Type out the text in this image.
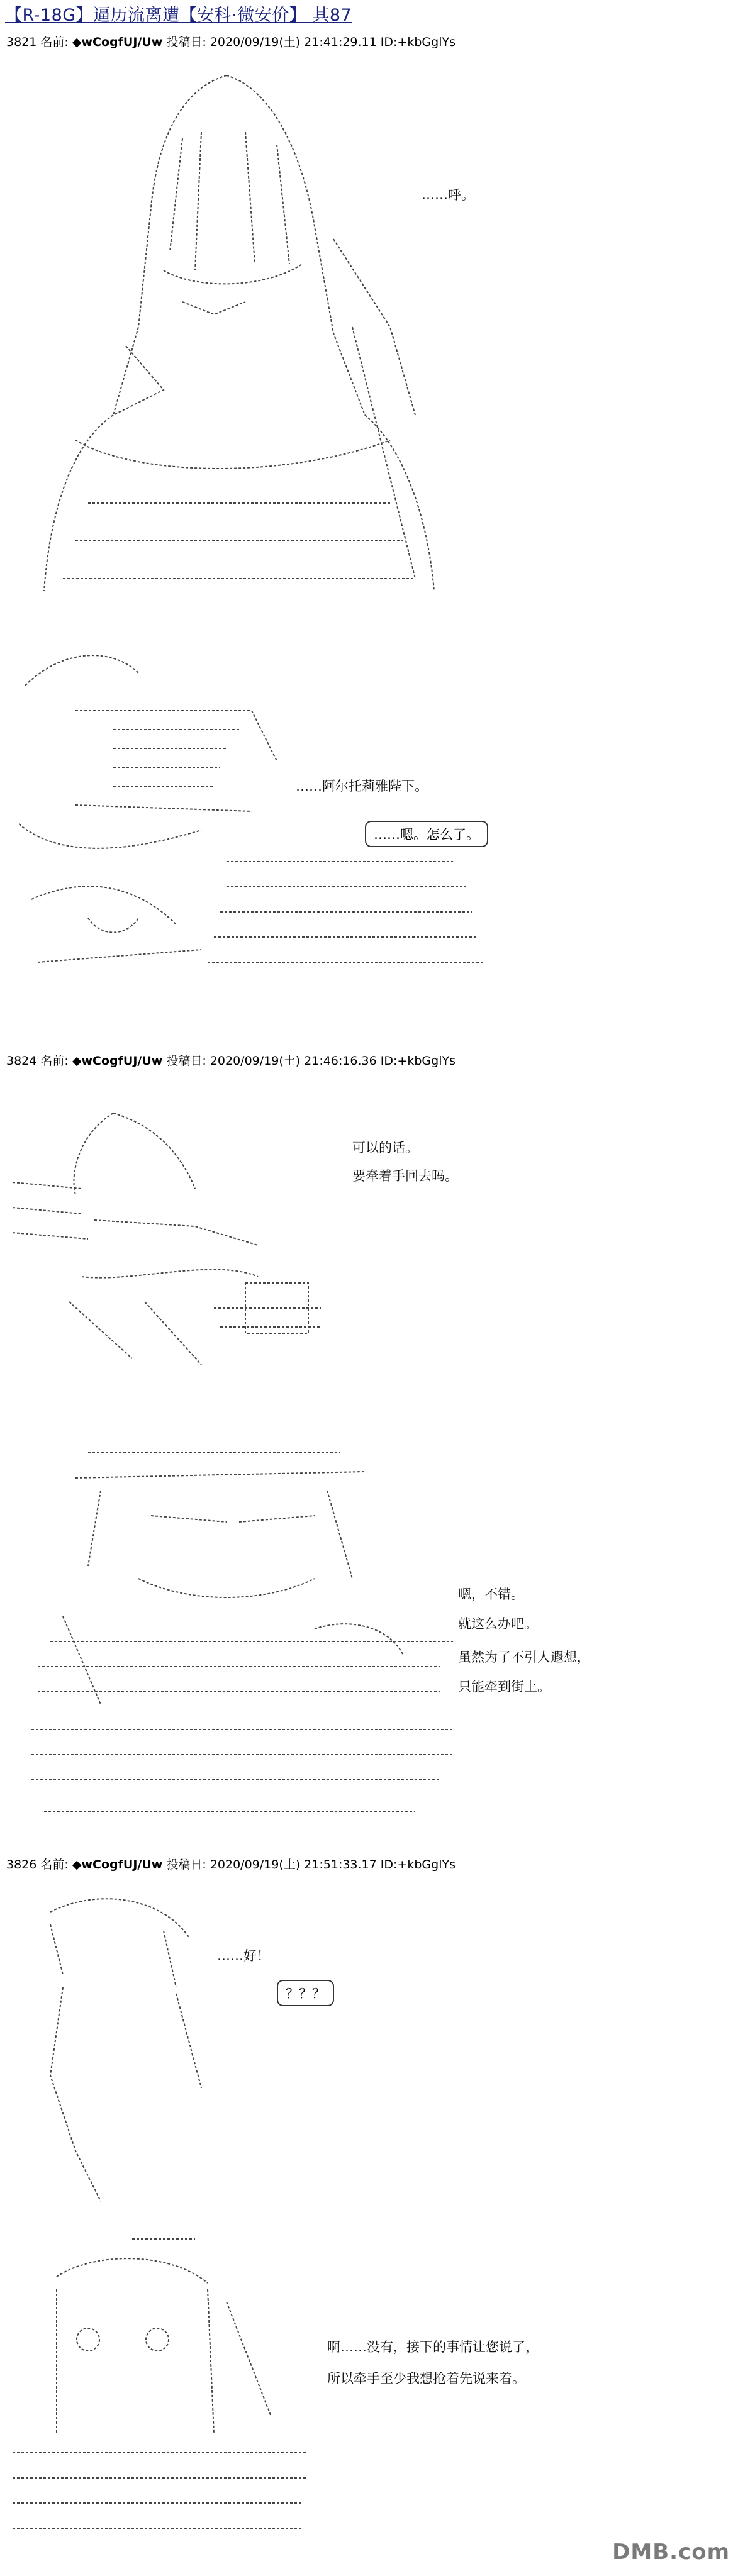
【R-18G】逼历流离遭【安科·微安价】 其87
3821 名前: ◆wCogfUJ/Uw 投稿日: 2020/09/19(土) 21:41:29.11 ID:+kbGglYs
……呼。
……阿尔托莉雅陛下。
……嗯。怎么了。
3824 名前: ◆wCogfUJ/Uw 投稿日: 2020/09/19(土) 21:46:16.36 ID:+kbGglYs
可以的话。
要牵着手回去吗。
嗯，不错。
就这么办吧。
虽然为了不引人遐想，
只能牵到街上。
3826 名前: ◆wCogfUJ/Uw 投稿日: 2020/09/19(土) 21:51:33.17 ID:+kbGglYs
……好！
？？？
啊……没有，接下的事情让您说了，
所以牵手至少我想抢着先说来着。
DMB.com
